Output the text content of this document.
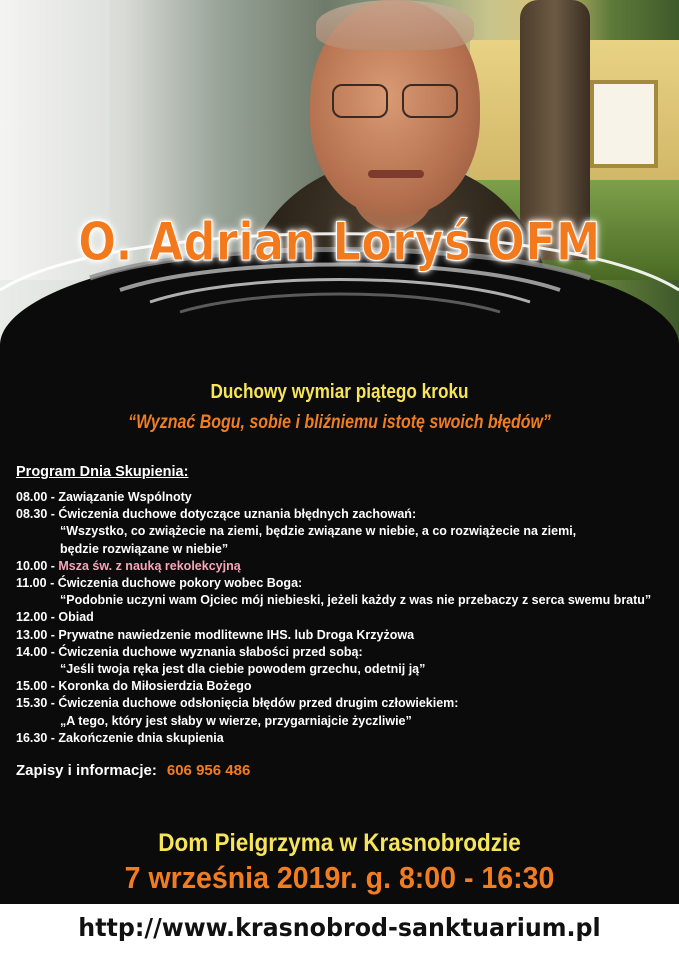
O. Adrian Loryś OFM
Duchowy wymiar piątego kroku
“Wyznać Bogu, sobie i bliźniemu istotę swoich błędów”
Program Dnia Skupienia:
08.00 - Zawiązanie Wspólnoty
08.30 - Ćwiczenia duchowe dotyczące uznania błędnych zachowań:
“Wszystko, co zwiążecie na ziemi, będzie związane w niebie, a co rozwiążecie na ziemi,
będzie rozwiązane w niebie”
10.00 - Msza św. z nauką rekolekcyjną
11.00 - Ćwiczenia duchowe pokory wobec Boga:
“Podobnie uczyni wam Ojciec mój niebieski, jeżeli każdy z was nie przebaczy z serca swemu bratu”
12.00 - Obiad
13.00 - Prywatne nawiedzenie modlitewne IHS. lub Droga Krzyżowa
14.00 - Ćwiczenia duchowe wyznania słabości przed sobą:
“Jeśli twoja ręka jest dla ciebie powodem grzechu, odetnij ją”
15.00 - Koronka do Miłosierdzia Bożego
15.30 - Ćwiczenia duchowe odsłonięcia błędów przed drugim człowiekiem:
„A tego, który jest słaby w wierze, przygarniajcie życzliwie”
16.30 - Zakończenie dnia skupienia
Zapisy i informacje: 606 956 486
Dom Pielgrzyma w Krasnobrodzie
7 września 2019r. g. 8:00 - 16:30
http://www.krasnobrod-sanktuarium.pl
